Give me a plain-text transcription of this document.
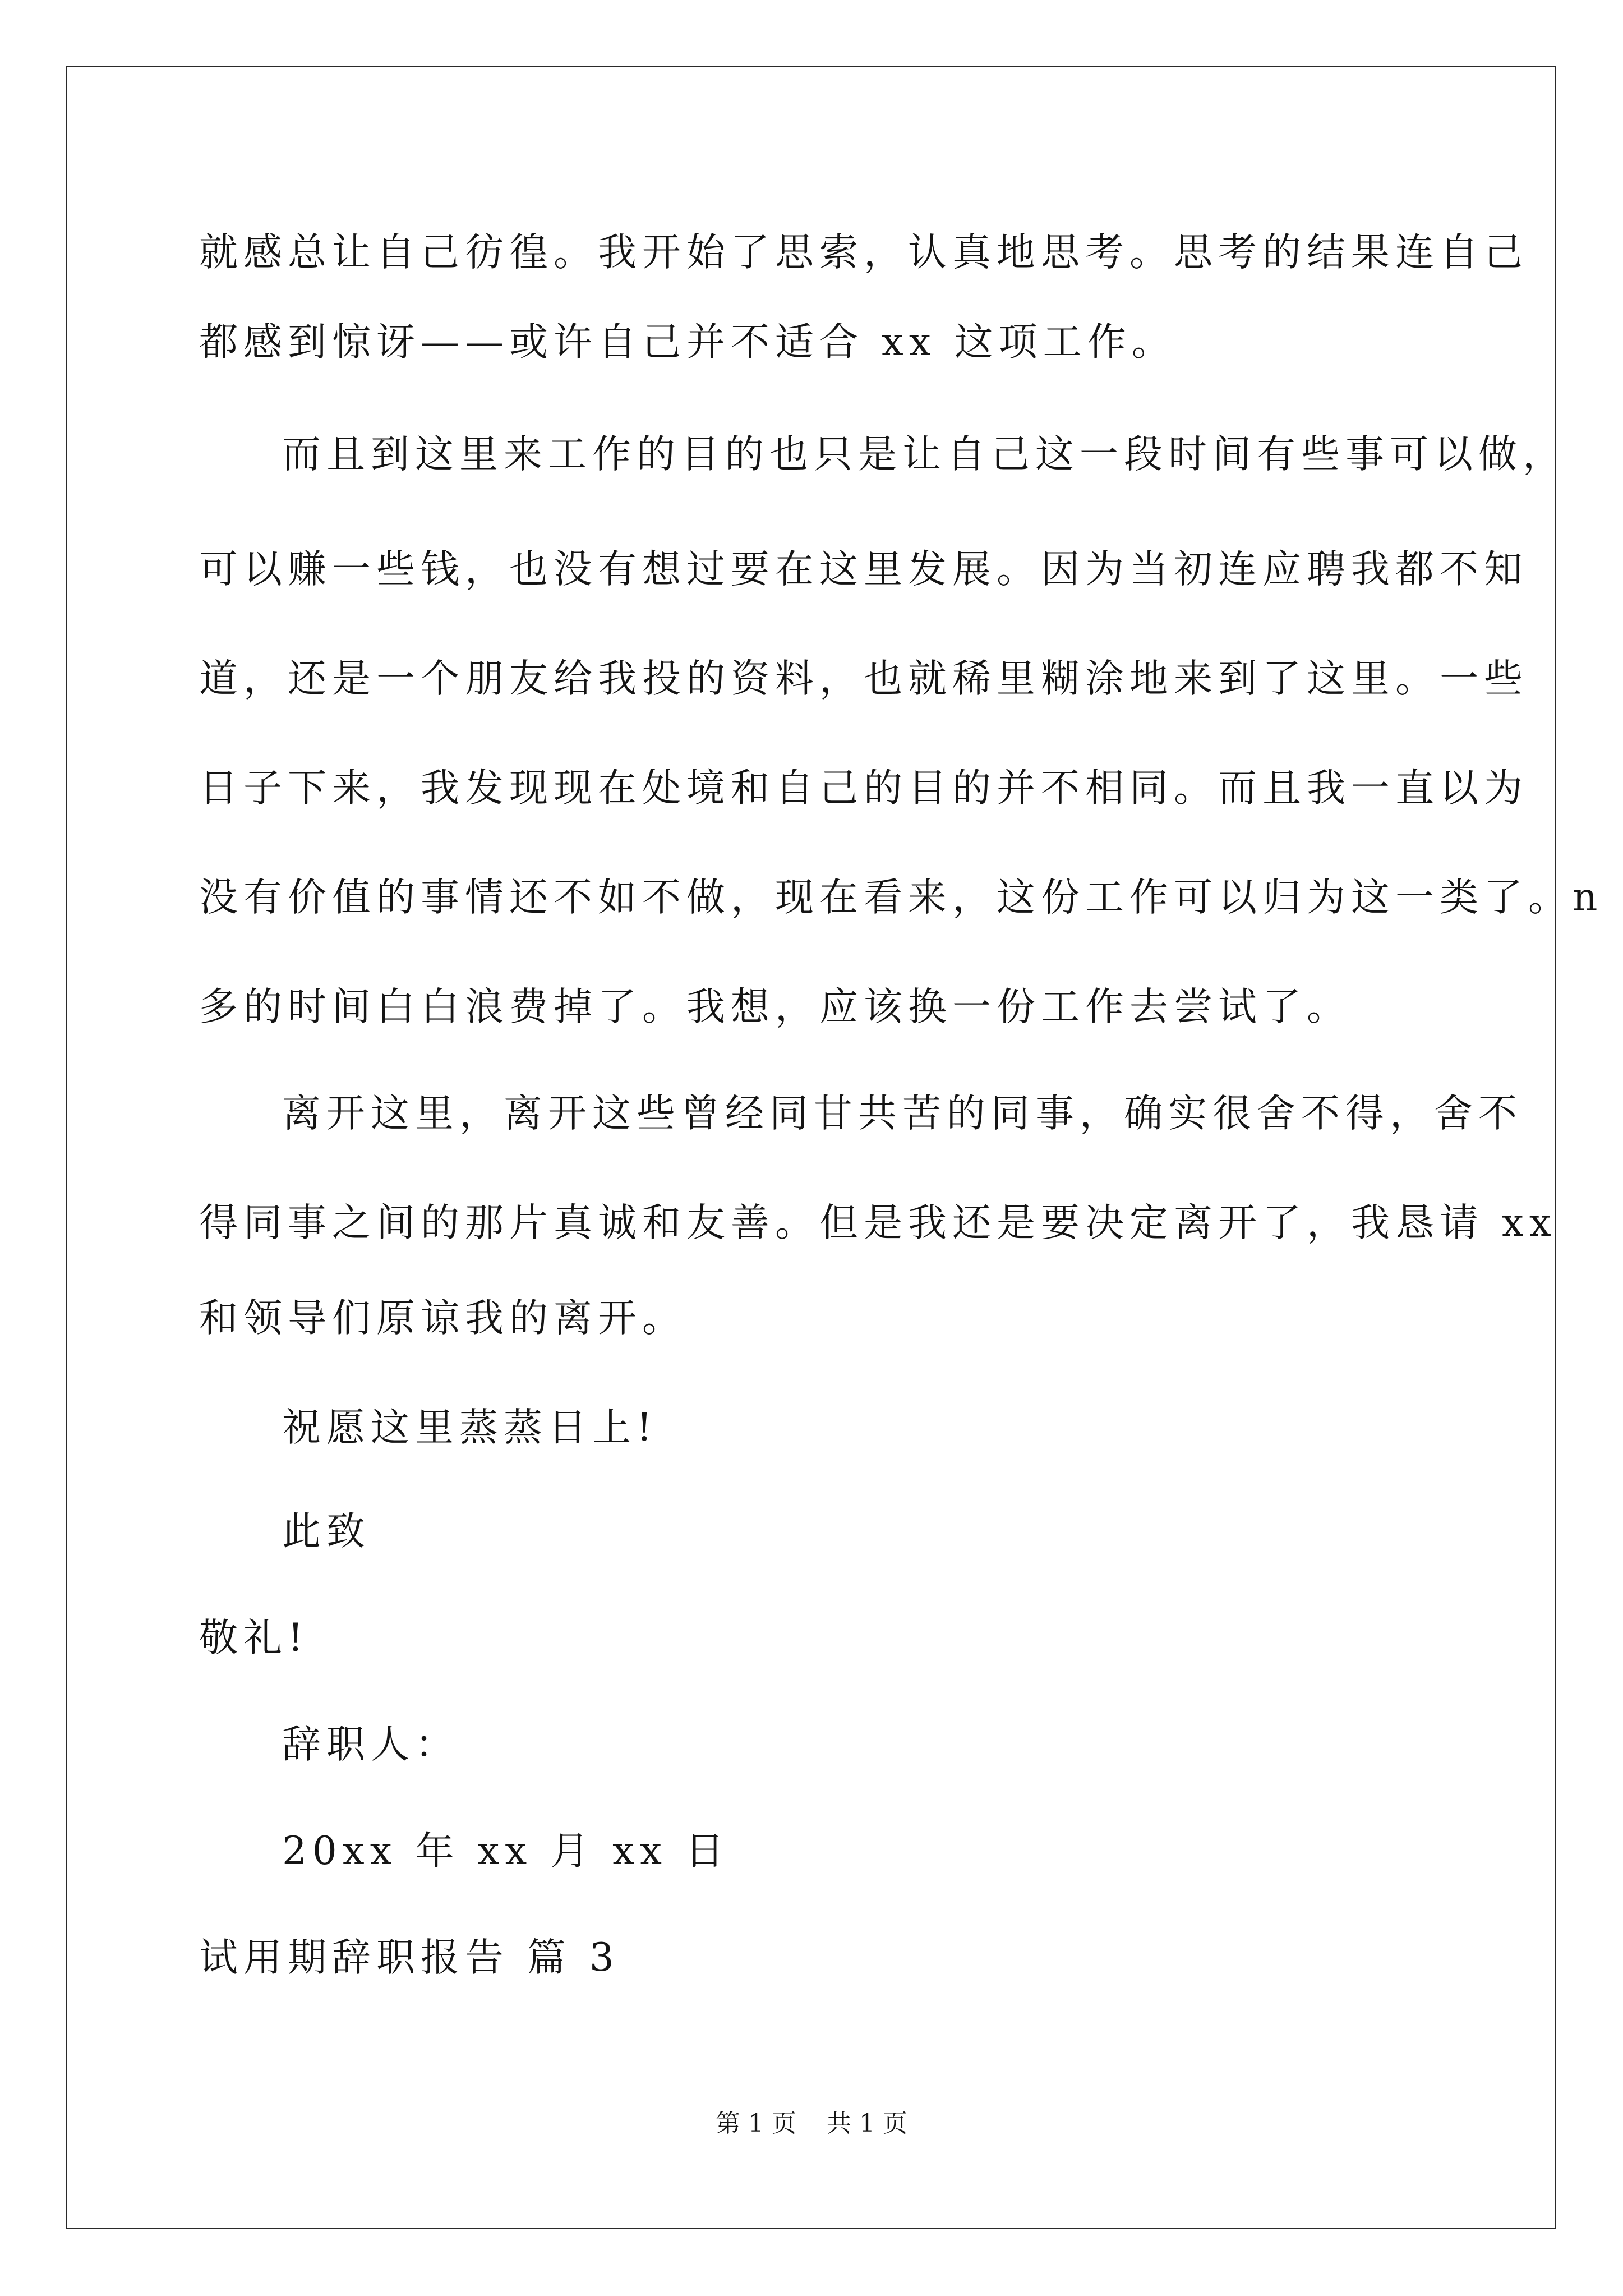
就感总让自己彷徨。我开始了思索，认真地思考。思考的结果连自己
都感到惊讶——或许自己并不适合 xx 这项工作。
而且到这里来工作的目的也只是让自己这一段时间有些事可以做，
可以赚一些钱，也没有想过要在这里发展。因为当初连应聘我都不知
道，还是一个朋友给我投的资料，也就稀里糊涂地来到了这里。一些
日子下来，我发现现在处境和自己的目的并不相同。而且我一直以为
没有价值的事情还不如不做，现在看来，这份工作可以归为这一类了。n
多的时间白白浪费掉了。我想，应该换一份工作去尝试了。
离开这里，离开这些曾经同甘共苦的同事，确实很舍不得，舍不
得同事之间的那片真诚和友善。但是我还是要决定离开了，我恳请 xx
和领导们原谅我的离开。
祝愿这里蒸蒸日上!
此致
敬礼!
辞职人：
20xx 年 xx 月 xx 日
试用期辞职报告 篇 3
第 1 页 共 1 页
